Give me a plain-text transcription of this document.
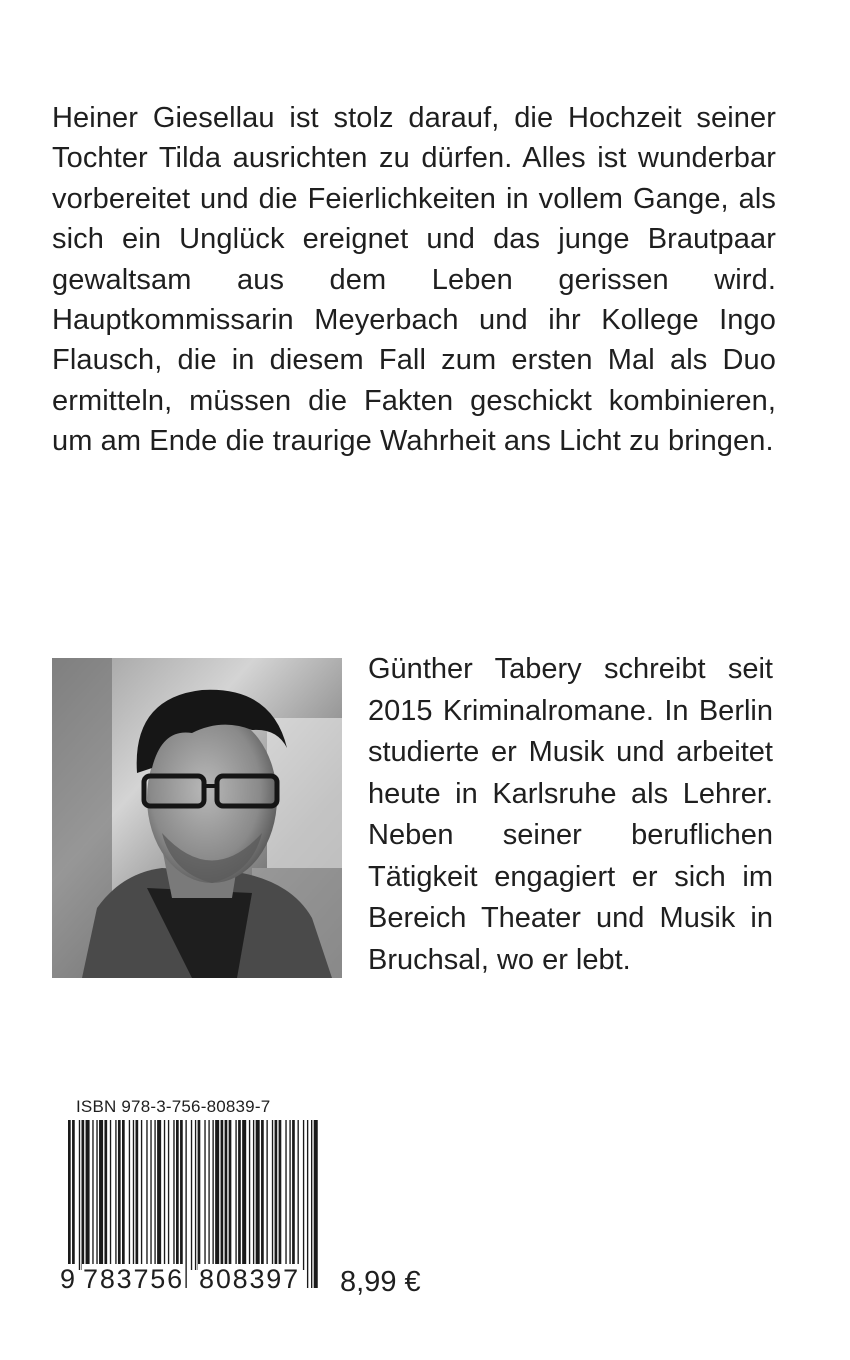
Heiner Giesellau ist stolz darauf, die Hochzeit seiner Tochter Tilda ausrichten zu dürfen. Alles ist wunderbar vorbereitet und die Feierlichkeiten in vollem Gange, als sich ein Unglück ereignet und das junge Brautpaar gewaltsam aus dem Leben gerissen wird. Hauptkommissarin Meyerbach und ihr Kollege Ingo Flausch, die in diesem Fall zum ersten Mal als Duo ermitteln, müssen die Fakten geschickt kombinieren, um am Ende die traurige Wahrheit ans Licht zu bringen.

Günther Tabery schreibt seit 2015 Kriminalromane. In Berlin studierte er Musik und arbeitet heute in Karlsruhe als Lehrer. Neben seiner beruflichen Tätigkeit engagiert er sich im Bereich Theater und Musik in Bruchsal, wo er lebt.

ISBN 978-3-756-80839-7
9 783756 808397 8,99 €
